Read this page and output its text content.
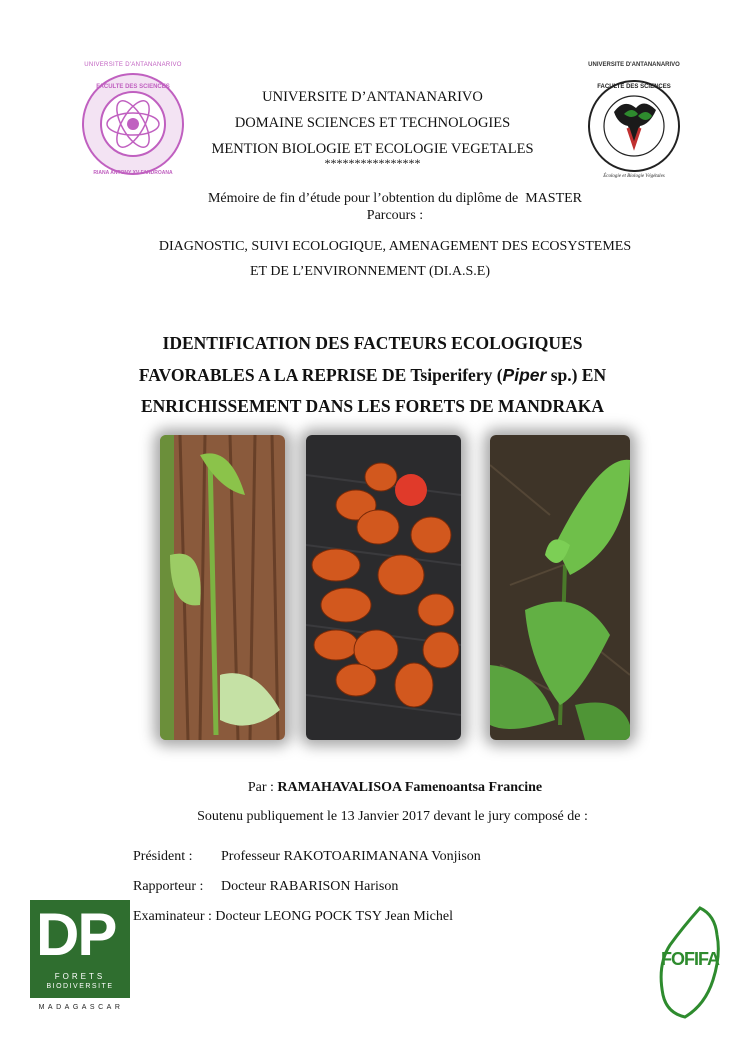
UNIVERSITE D'ANTANANARIVO
FACULTE DES SCIENCES
RIANA ANTONY XV FANDROANA
UNIVERSITE D'ANTANANARIVO
FACULTE DES SCIENCES
Écologie et Biologie Végétales
UNIVERSITE D’ANTANANARIVO
DOMAINE SCIENCES ET TECHNOLOGIES
MENTION BIOLOGIE ET ECOLOGIE VEGETALES
****************
Mémoire de fin d’étude pour l’obtention du diplôme de  MASTER
Parcours :
DIAGNOSTIC, SUIVI ECOLOGIQUE, AMENAGEMENT DES ECOSYSTEMES
ET DE L’ENVIRONNEMENT (DI.A.S.E)
IDENTIFICATION DES FACTEURS ECOLOGIQUES
FAVORABLES A LA REPRISE DE Tsiperifery (Piper sp.) EN
ENRICHISSEMENT DANS LES FORETS DE MANDRAKA
Par : RAMAHAVALISOA Famenoantsa Francine
Soutenu publiquement le 13 Janvier 2017 devant le jury composé de :
Président : Professeur RAKOTOARIMANANA Vonjison
Rapporteur : Docteur RABARISON Harison
Examinateur : Docteur LEONG POCK TSY Jean Michel
DP
FORETS
BIODIVERSITE
MADAGASCAR
FOFIFA
